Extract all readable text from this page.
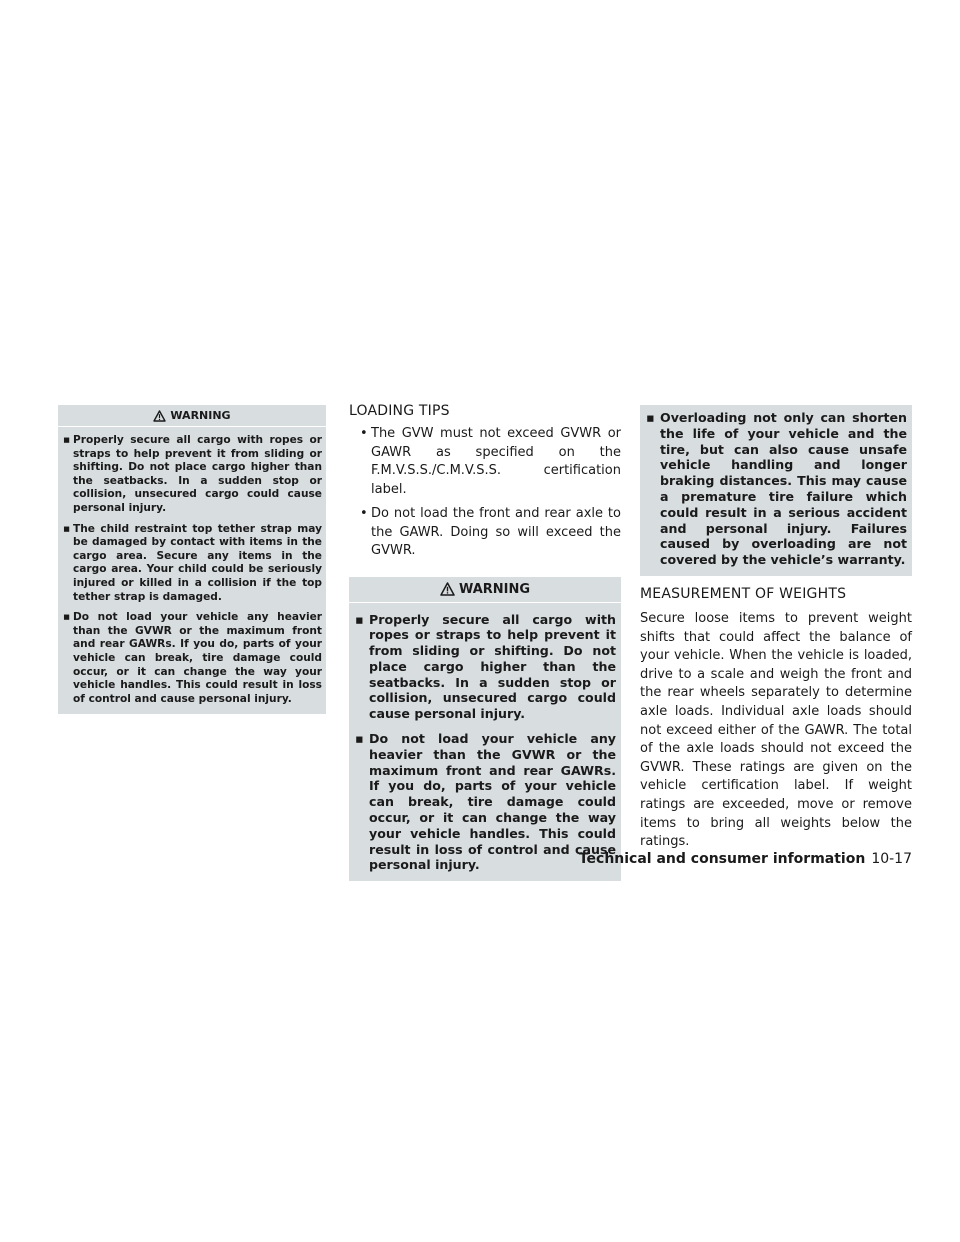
WARNING
▪ Properly secure all cargo with ropes or straps to help prevent it from sliding or shifting. Do not place cargo higher than the seatbacks. In a sudden stop or collision, unsecured cargo could cause personal injury.
▪ The child restraint top tether strap may be damaged by contact with items in the cargo area. Secure any items in the cargo area. Your child could be seriously injured or killed in a collision if the top tether strap is damaged.
▪ Do not load your vehicle any heavier than the GVWR or the maximum front and rear GAWRs. If you do, parts of your vehicle can break, tire damage could occur, or it can change the way your vehicle handles. This could result in loss of control and cause personal injury.
LOADING TIPS
• The GVW must not exceed GVWR or GAWR as specified on the F.M.V.S.S./C.M.V.S.S. certification label.
• Do not load the front and rear axle to the GAWR. Doing so will exceed the GVWR.
WARNING
▪ Properly secure all cargo with ropes or straps to help prevent it from sliding or shifting. Do not place cargo higher than the seatbacks. In a sudden stop or collision, unsecured cargo could cause personal injury.
▪ Do not load your vehicle any heavier than the GVWR or the maximum front and rear GAWRs. If you do, parts of your vehicle can break, tire damage could occur, or it can change the way your vehicle handles. This could result in loss of control and cause personal injury.
▪ Overloading not only can shorten the life of your vehicle and the tire, but can also cause unsafe vehicle handling and longer braking distances. This may cause a premature tire failure which could result in a serious accident and personal injury. Failures caused by overloading are not covered by the vehicle’s warranty.
MEASUREMENT OF WEIGHTS

Secure loose items to prevent weight shifts that could affect the balance of your vehicle. When the vehicle is loaded, drive to a scale and weigh the front and the rear wheels separately to determine axle loads. Individual axle loads should not exceed either of the GAWR. The total of the axle loads should not exceed the GVWR. These ratings are given on the vehicle certification label. If weight ratings are exceeded, move or remove items to bring all weights below the ratings.

Technical and consumer information 10-17
